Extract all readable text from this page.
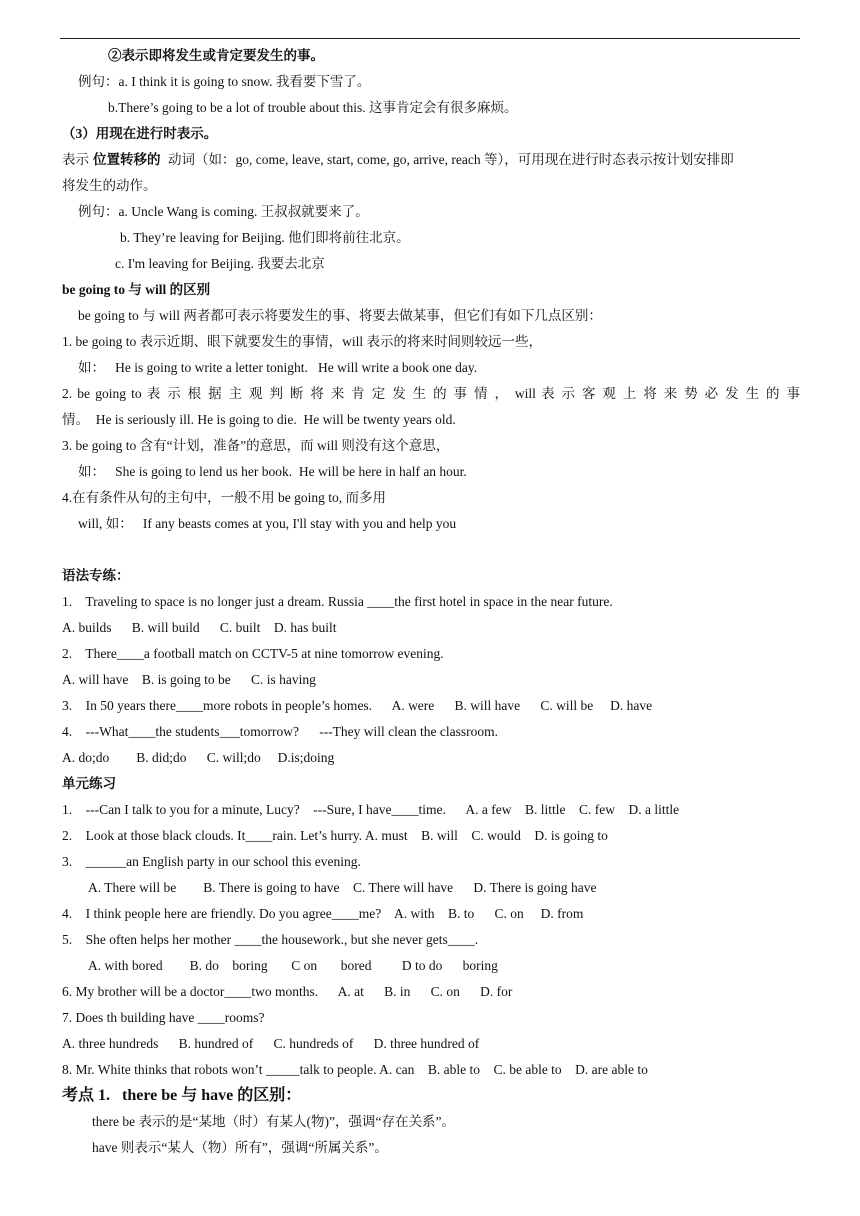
②表示即将发生或肯定要发生的事。
例句：a. I think it is going to snow. 我看要下雪了。
b.There’s going to be a lot of trouble about this. 这事肯定会有很多麻烦。
（3）用现在进行时表示。
表示 位置转移的 动词（如：go, come, leave, start, come, go, arrive, reach 等），可用现在进行时态表示按计划安排即
将发生的动作。
例句：a. Uncle Wang is coming. 王叔叔就要来了。
b. They’re leaving for Beijing. 他们即将前往北京。
c. I'm leaving for Beijing. 我要去北京
be going to 与 will 的区别
be going to 与 will 两者都可表示将要发生的事、将要去做某事，但它们有如下几点区别：
1. be going to 表示近期、眼下就要发生的事情，will 表示的将来时间则较远一些，
如：   He is going to write a letter tonight.   He will write a book one day.
2. be going to 表 示 根 据 主 观 判 断 将 来 肯 定 发 生 的 事 情 ， will 表 示 客 观 上 将 来 势 必 发 生 的 事
情。  He is seriously ill. He is going to die.  He will be twenty years old.
3. be going to 含有“计划，准备”的意思，而 will 则没有这个意思，
如：   She is going to lend us her book.  He will be here in half an hour.
4.在有条件从句的主句中，一般不用 be going to, 而多用
will, 如：   If any beasts comes at you, I'll stay with you and help you
语法专练：
1.    Traveling to space is no longer just a dream. Russia ____the first hotel in space in the near future.
A. builds      B. will build      C. built    D. has built
2.    There____a football match on CCTV-5 at nine tomorrow evening.
A. will have    B. is going to be      C. is having
3.    In 50 years there____more robots in people’s homes.      A. were      B. will have      C. will be     D. have
4.    ---What____the students___tomorrow?      ---They will clean the classroom.
A. do;do        B. did;do      C. will;do     D.is;doing
单元练习
1.    ---Can I talk to you for a minute, Lucy?    ---Sure, I have____time.      A. a few    B. little    C. few    D. a little
2.    Look at those black clouds. It____rain. Let’s hurry. A. must    B. will    C. would    D. is going to
3.    ______an English party in our school this evening.
A. There will be        B. There is going to have    C. There will have      D. There is going have
4.    I think people here are friendly. Do you agree____me?    A. with    B. to      C. on     D. from
5.    She often helps her mother ____the housework., but she never gets____.
A. with bored        B. do    boring       C on       bored         D to do      boring
6. My brother will be a doctor____two months.      A. at      B. in      C. on      D. for
7. Does th building have ____rooms?
A. three hundreds      B. hundred of      C. hundreds of      D. three hundred of
8. Mr. White thinks that robots won’t _____talk to people. A. can    B. able to    C. be able to    D. are able to
考点 1.   there be 与 have 的区别：
there be 表示的是“某地（时）有某人(物)”，强调“存在关系”。
have 则表示“某人（物）所有”，强调“所属关系”。
